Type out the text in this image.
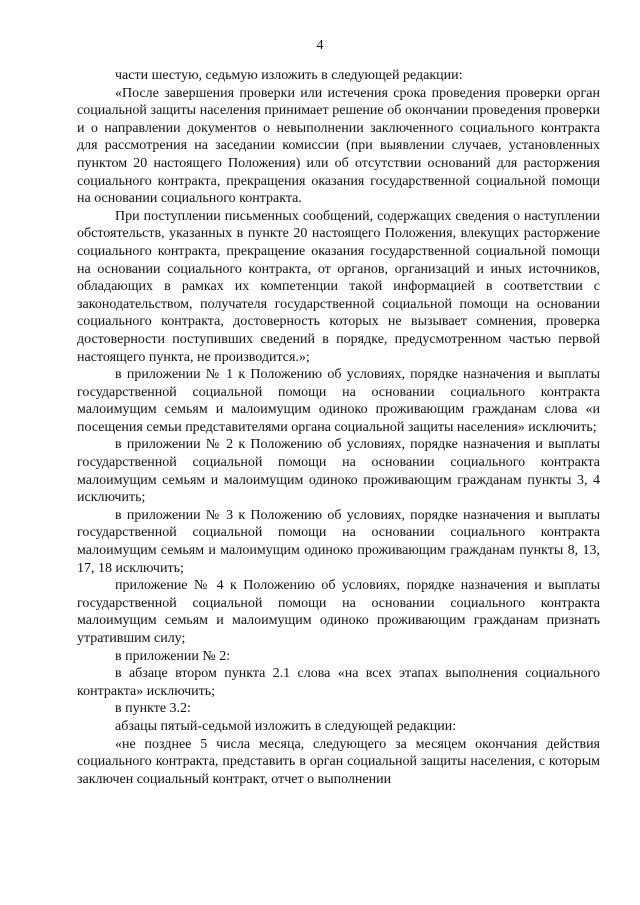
4

части шестую, седьмую изложить в следующей редакции:

«После завершения проверки или истечения срока проведения проверки орган социальной защиты населения принимает решение об окончании проведения проверки и о направлении документов о невыполнении заключенного социального контракта для рассмотрения на заседании комиссии (при выявлении случаев, установленных пунктом 20 настоящего Положения) или об отсутствии оснований для расторжения социального контракта, прекращения оказания государственной социальной помощи на основании социального контракта.

При поступлении письменных сообщений, содержащих сведения о наступлении обстоятельств, указанных в пункте 20 настоящего Положения, влекущих расторжение социального контракта, прекращение оказания государственной социальной помощи на основании социального контракта, от органов, организаций и иных источников, обладающих в рамках их компетенции такой информацией в соответствии с законодательством, получателя государственной социальной помощи на основании социального контракта, достоверность которых не вызывает сомнения, проверка достоверности поступивших сведений в порядке, предусмотренном частью первой настоящего пункта, не производится.»;

в приложении № 1 к Положению об условиях, порядке назначения и выплаты государственной социальной помощи на основании социального контракта малоимущим семьям и малоимущим одиноко проживающим гражданам слова «и посещения семьи представителями органа социальной защиты населения» исключить;

в приложении № 2 к Положению об условиях, порядке назначения и выплаты государственной социальной помощи на основании социального контракта малоимущим семьям и малоимущим одиноко проживающим гражданам пункты 3, 4 исключить;

в приложении № 3 к Положению об условиях, порядке назначения и выплаты государственной социальной помощи на основании социального контракта малоимущим семьям и малоимущим одиноко проживающим гражданам пункты 8, 13, 17, 18 исключить;

приложение № 4 к Положению об условиях, порядке назначения и выплаты государственной социальной помощи на основании социального контракта малоимущим семьям и малоимущим одиноко проживающим гражданам признать утратившим силу;

в приложении № 2:

в абзаце втором пункта 2.1 слова «на всех этапах выполнения социального контракта» исключить;

в пункте 3.2:

абзацы пятый-седьмой изложить в следующей редакции:

«не позднее 5 числа месяца, следующего за месяцем окончания действия социального контракта, представить в орган социальной защиты населения, с которым заключен социальный контракт, отчет о выполнении
